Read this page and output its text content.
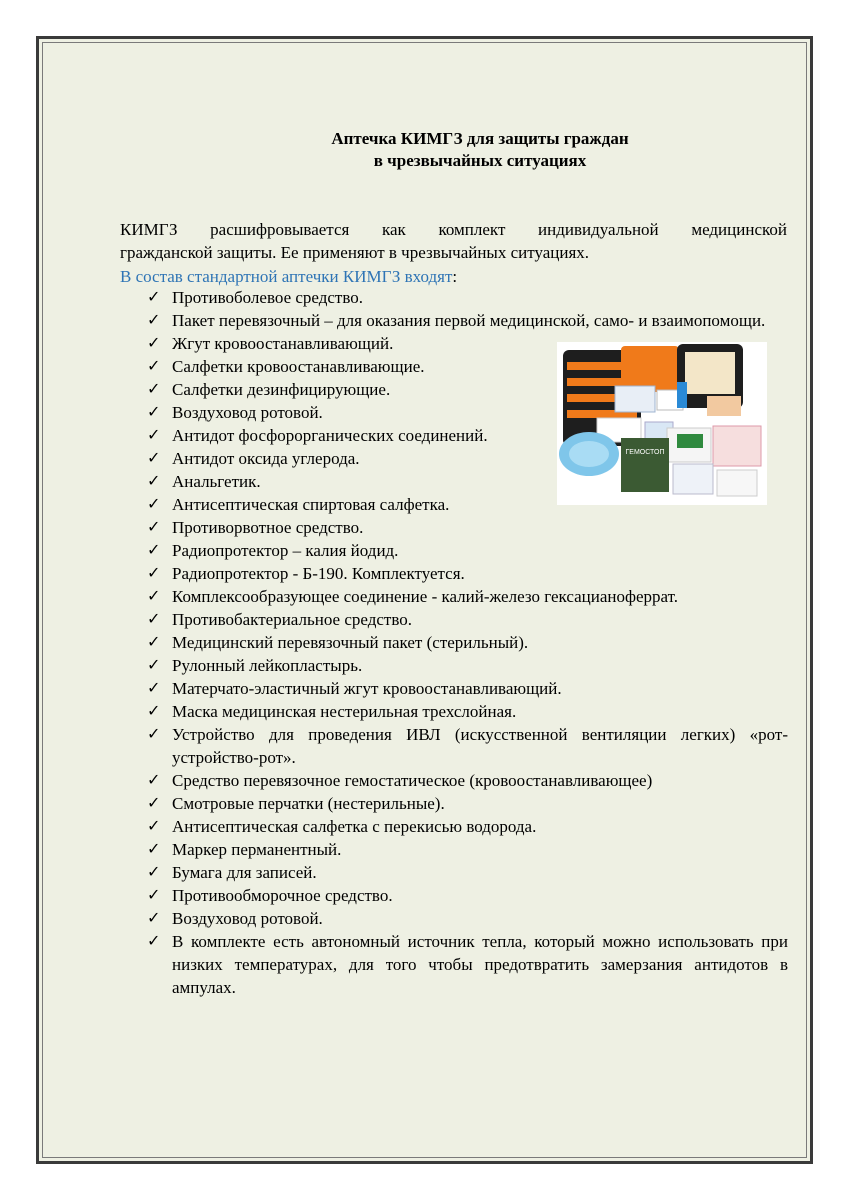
Аптечка КИМГЗ для защиты граждан
в чрезвычайных ситуациях
КИМГЗ расшифровывается как комплект индивидуальной медицинской
гражданской защиты. Ее применяют в чрезвычайных ситуациях.
В состав стандартной аптечки КИМГЗ входят:
✓ Противоболевое средство.
✓ Пакет перевязочный – для оказания первой медицинской, само- и взаимопомощи.
✓ Жгут кровоостанавливающий.
✓ Салфетки кровоостанавливающие.
✓ Салфетки дезинфицирующие.
✓ Воздуховод ротовой.
✓ Антидот фосфорорганических соединений.
✓ Антидот оксида углерода.
✓ Анальгетик.
✓ Антисептическая спиртовая салфетка.
✓ Противорвотное средство.
✓ Радиопротектор – калия йодид.
✓ Радиопротектор - Б-190. Комплектуется.
✓ Комплексообразующее соединение - калий-железо гексацианоферрат.
✓ Противобактериальное средство.
✓ Медицинский перевязочный пакет (стерильный).
✓ Рулонный лейкопластырь.
✓ Матерчато-эластичный жгут кровоостанавливающий.
✓ Маска медицинская нестерильная трехслойная.
✓ Устройство для проведения ИВЛ (искусственной вентиляции легких) «рот-устройство-рот».
✓ Средство перевязочное гемостатическое (кровоостанавливающее)
✓ Смотровые перчатки (нестерильные).
✓ Антисептическая салфетка с перекисью водорода.
✓ Маркер перманентный.
✓ Бумага для записей.
✓ Противообморочное средство.
✓ Воздуховод ротовой.
✓ В комплекте есть автономный источник тепла, который можно использовать при низких температурах, для того чтобы предотвратить замерзания антидотов в ампулах.
ГЕМОСТОП
